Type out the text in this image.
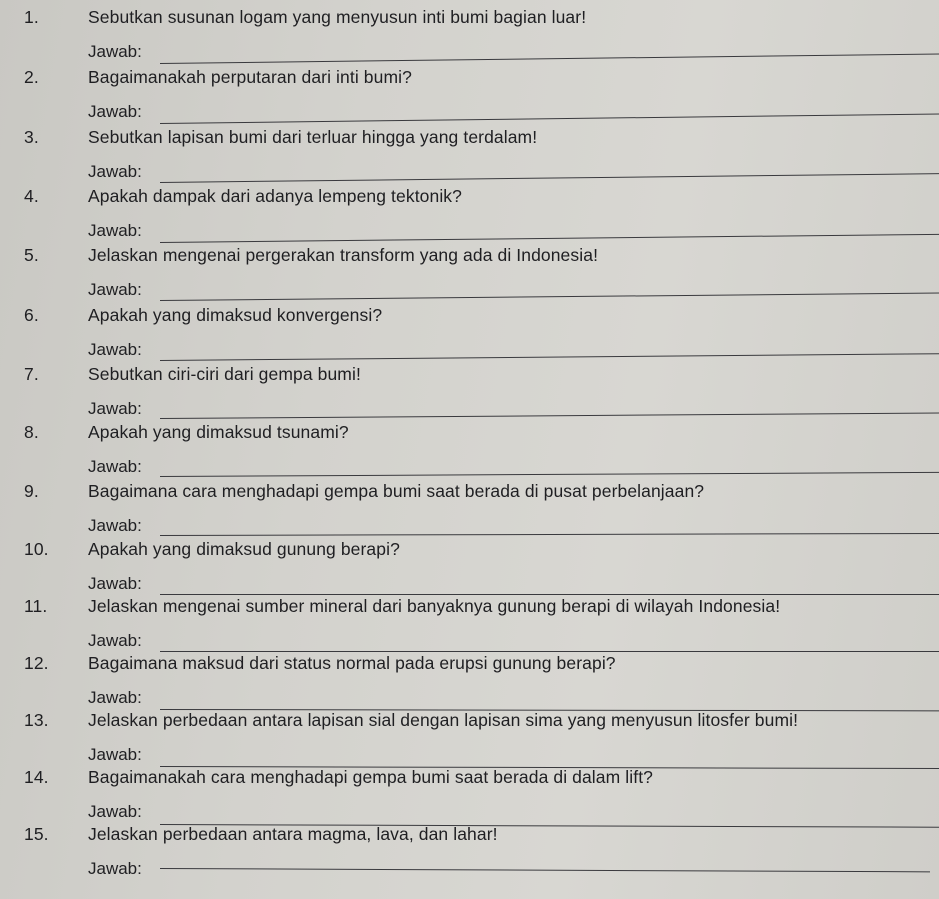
1.	Sebutkan susunan logam yang menyusun inti bumi bagian luar!
Jawab:
2.	Bagaimanakah perputaran dari inti bumi?
Jawab:
3.	Sebutkan lapisan bumi dari terluar hingga yang terdalam!
Jawab:
4.	Apakah dampak dari adanya lempeng tektonik?
Jawab:
5.	Jelaskan mengenai pergerakan transform yang ada di Indonesia!
Jawab:
6.	Apakah yang dimaksud konvergensi?
Jawab:
7.	Sebutkan ciri-ciri dari gempa bumi!
Jawab:
8.	Apakah yang dimaksud tsunami?
Jawab:
9.	Bagaimana cara menghadapi gempa bumi saat berada di pusat perbelanjaan?
Jawab:
10. Apakah yang dimaksud gunung berapi?
Jawab:
11. Jelaskan mengenai sumber mineral dari banyaknya gunung berapi di wilayah Indonesia!
Jawab:
12. Bagaimana maksud dari status normal pada erupsi gunung berapi?
Jawab:
13. Jelaskan perbedaan antara lapisan sial dengan lapisan sima yang menyusun litosfer bumi!
Jawab:
14. Bagaimanakah cara menghadapi gempa bumi saat berada di dalam lift?
Jawab:
15. Jelaskan perbedaan antara magma, lava, dan lahar!
Jawab:
